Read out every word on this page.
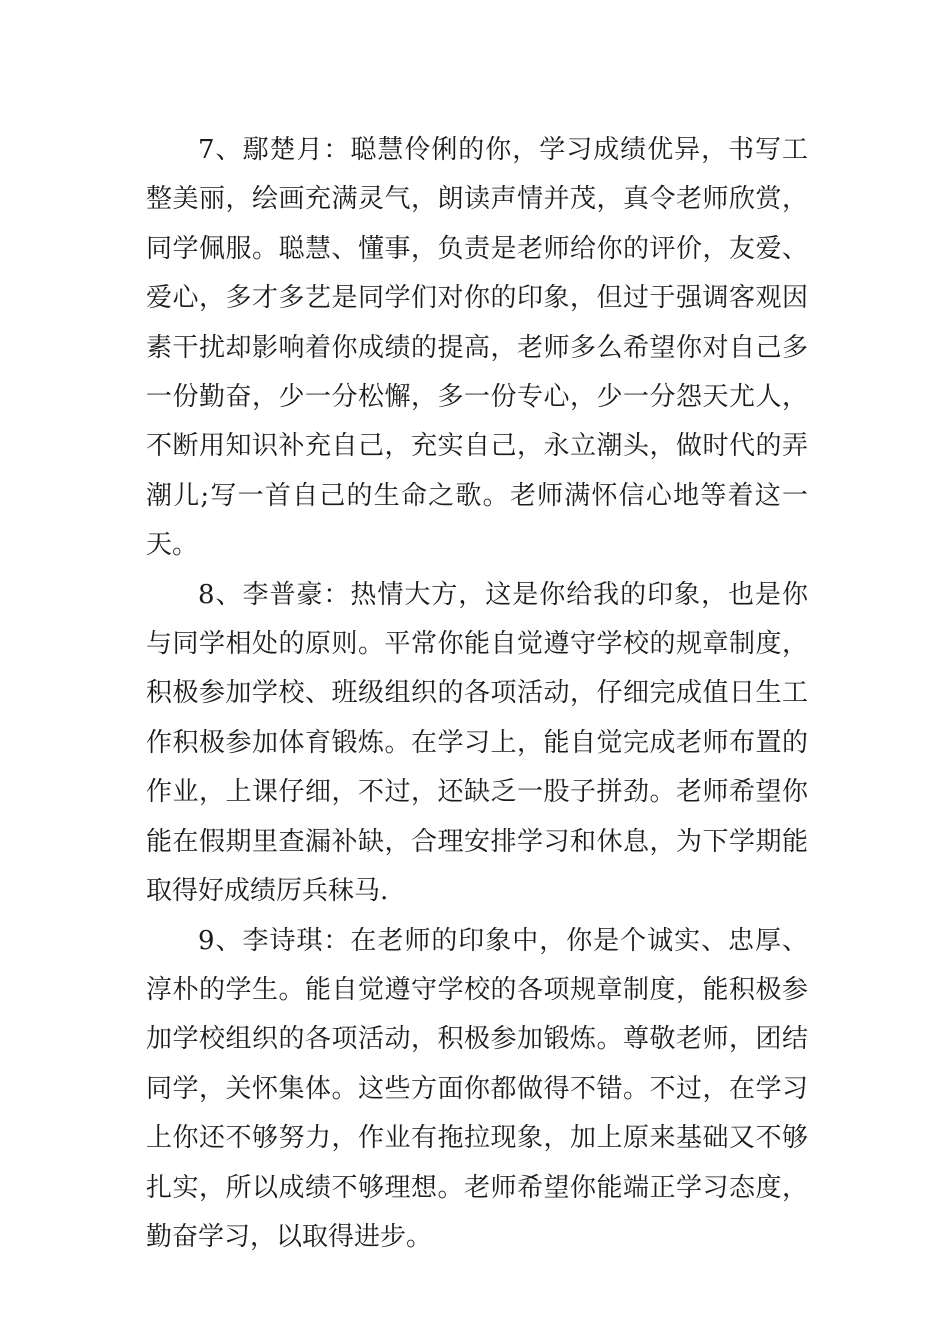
7、鄢楚月：聪慧伶俐的你，学习成绩优异，书写工整美丽，绘画充满灵气，朗读声情并茂，真令老师欣赏，同学佩服。聪慧、懂事，负责是老师给你的评价，友爱、爱心，多才多艺是同学们对你的印象，但过于强调客观因素干扰却影响着你成绩的提高，老师多么希望你对自己多一份勤奋，少一分松懈，多一份专心，少一分怨天尤人，不断用知识补充自己，充实自己，永立潮头，做时代的弄潮儿;写一首自己的生命之歌。老师满怀信心地等着这一天。

8、李普豪：热情大方，这是你给我的印象，也是你与同学相处的原则。平常你能自觉遵守学校的规章制度，积极参加学校、班级组织的各项活动，仔细完成值日生工作积极参加体育锻炼。在学习上，能自觉完成老师布置的作业，上课仔细，不过，还缺乏一股子拼劲。老师希望你能在假期里查漏补缺，合理安排学习和休息，为下学期能取得好成绩厉兵秣马.

9、李诗琪：在老师的印象中，你是个诚实、忠厚、淳朴的学生。能自觉遵守学校的各项规章制度，能积极参加学校组织的各项活动，积极参加锻炼。尊敬老师，团结同学，关怀集体。这些方面你都做得不错。不过，在学习上你还不够努力，作业有拖拉现象，加上原来基础又不够扎实，所以成绩不够理想。老师希望你能端正学习态度，勤奋学习，以取得进步。
